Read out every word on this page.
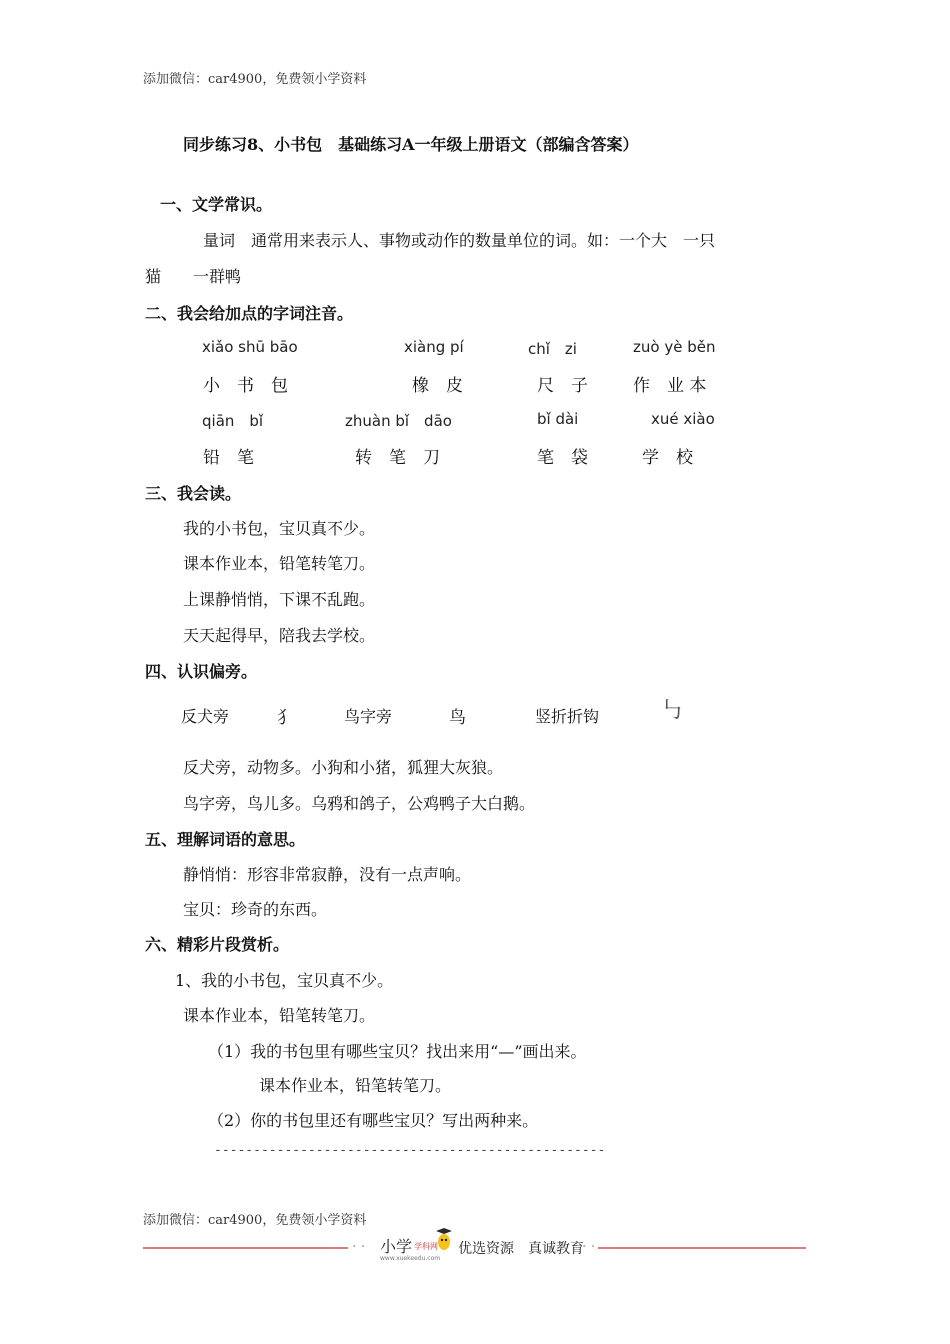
添加微信：car4900，免费领小学资料
同步练习8、小书包　基础练习A一年级上册语文（部编含答案）
一、文学常识。
量词　通常用来表示人、事物或动作的数量单位的词。如：一个大　一只
猫　　一群鸭
二、我会给加点的字词注音。
xiǎo shū bāo	xiàng pí	chǐ　zi	zuò yè běn
小　书　包	橡　皮	尺　子	作　业 本
qiān　bǐ	zhuàn bǐ　dāo	bǐ dài	xué xiào
铅　笔	转　笔　刀	笔　袋	学　校
三、我会读。
我的小书包，宝贝真不少。
课本作业本，铅笔转笔刀。
上课静悄悄，下课不乱跑。
天天起得早，陪我去学校。
四、认识偏旁。
反犬旁	犭	鸟字旁	鸟	竖折折钩	㇉
反犬旁，动物多。小狗和小猪，狐狸大灰狼。
鸟字旁，鸟儿多。乌鸦和鸽子，公鸡鸭子大白鹅。
五、理解词语的意思。
静悄悄：形容非常寂静，没有一点声响。
宝贝：珍奇的东西。
六、精彩片段赏析。
1、我的小书包，宝贝真不少。
课本作业本，铅笔转笔刀。
（1）我的书包里有哪些宝贝？找出来用“—”画出来。
课本作业本，铅笔转笔刀。
（2）你的书包里还有哪些宝贝？写出两种来。
--------------------------------------------------
添加微信：car4900，免费领小学资料
· · 小学 学科网
www.xuekeedu.com
优选资源　真诚教育
· ·
